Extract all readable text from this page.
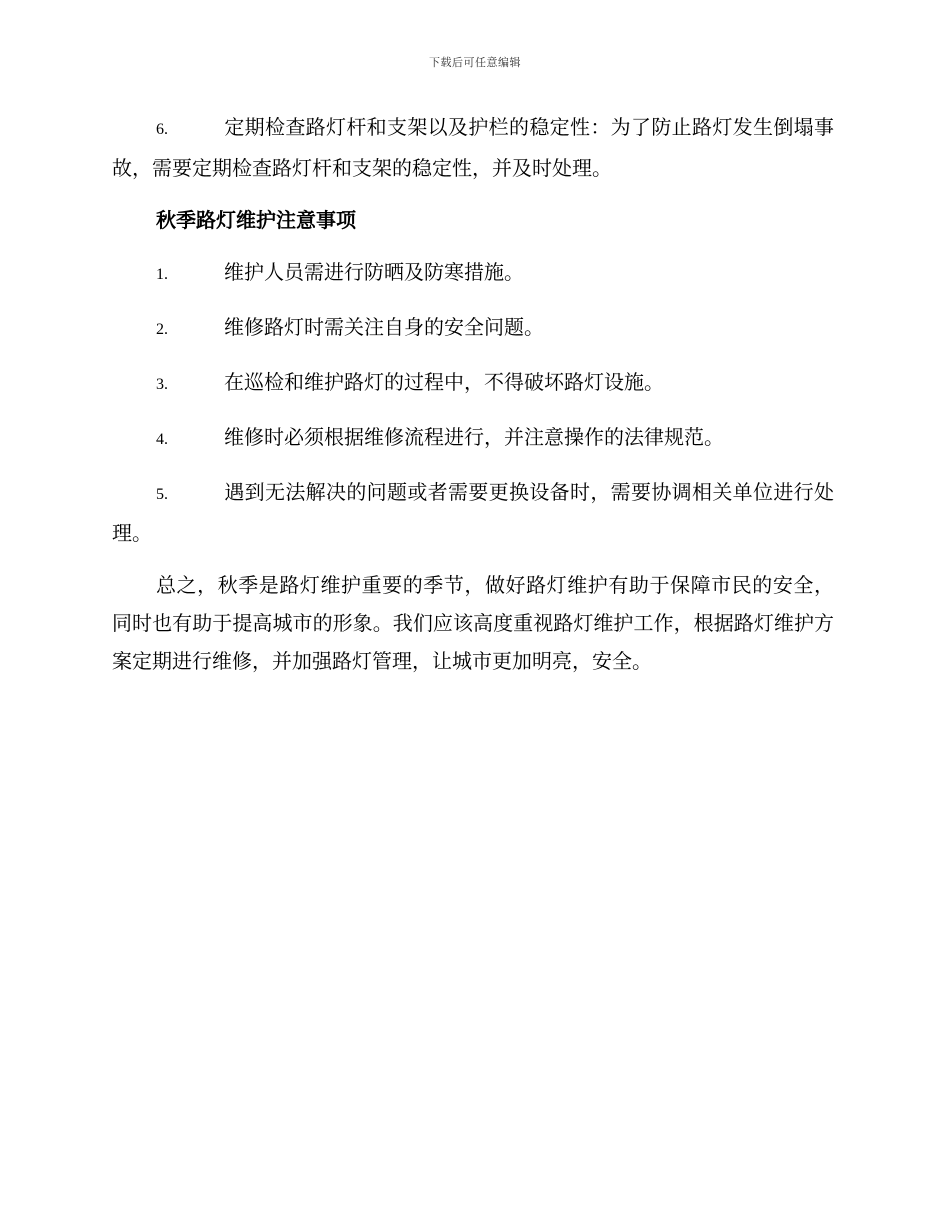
下载后可任意编辑

6.	定期检查路灯杆和支架以及护栏的稳定性：为了防止路灯发生倒塌事故，需要定期检查路灯杆和支架的稳定性，并及时处理。

秋季路灯维护注意事项

1.	维护人员需进行防晒及防寒措施。

2.	维修路灯时需关注自身的安全问题。

3.	在巡检和维护路灯的过程中，不得破坏路灯设施。

4.	维修时必须根据维修流程进行，并注意操作的法律规范。

5.	遇到无法解决的问题或者需要更换设备时，需要协调相关单位进行处理。

总之，秋季是路灯维护重要的季节，做好路灯维护有助于保障市民的安全，同时也有助于提高城市的形象。我们应该高度重视路灯维护工作，根据路灯维护方案定期进行维修，并加强路灯管理，让城市更加明亮，安全。
